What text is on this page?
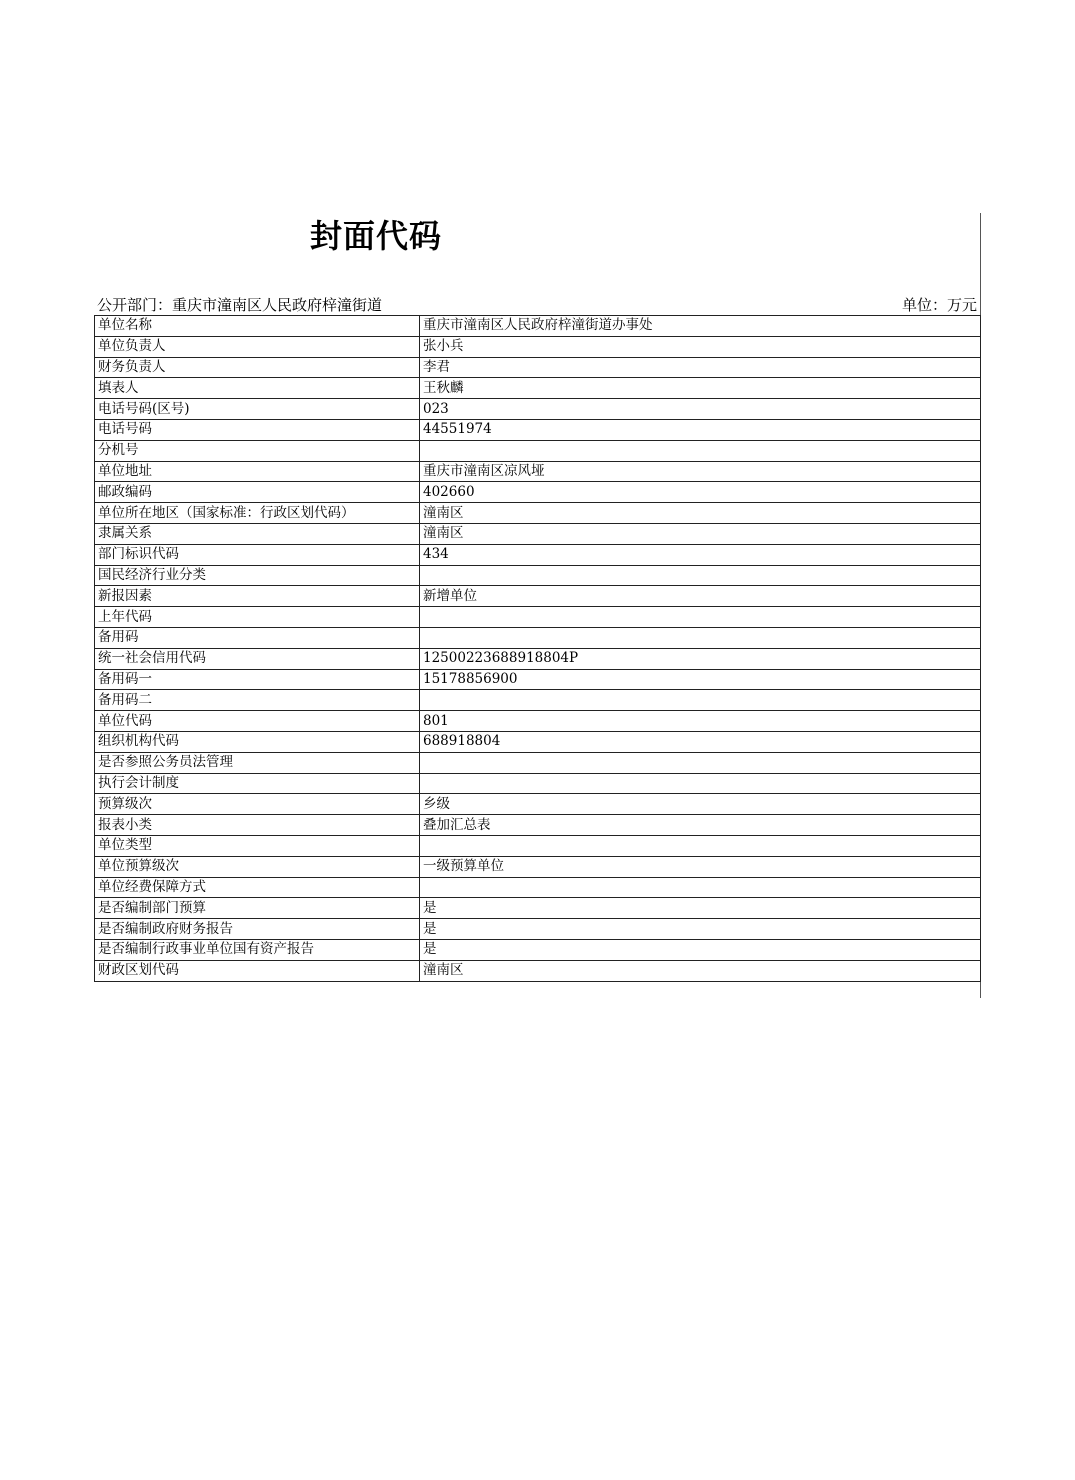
封面代码
公开部门：重庆市潼南区人民政府梓潼街道	单位：万元
单位名称	重庆市潼南区人民政府梓潼街道办事处
单位负责人	张小兵
财务负责人	李君
填表人	王秋麟
电话号码(区号)	023
电话号码	44551974
分机号	
单位地址	重庆市潼南区凉风垭
邮政编码	402660
单位所在地区（国家标准：行政区划代码）	潼南区
隶属关系	潼南区
部门标识代码	434
国民经济行业分类	
新报因素	新增单位
上年代码	
备用码	
统一社会信用代码	12500223688918804P
备用码一	15178856900
备用码二	
单位代码	801
组织机构代码	688918804
是否参照公务员法管理	
执行会计制度	
预算级次	乡级
报表小类	叠加汇总表
单位类型	
单位预算级次	一级预算单位
单位经费保障方式	
是否编制部门预算	是
是否编制政府财务报告	是
是否编制行政事业单位国有资产报告	是
财政区划代码	潼南区
